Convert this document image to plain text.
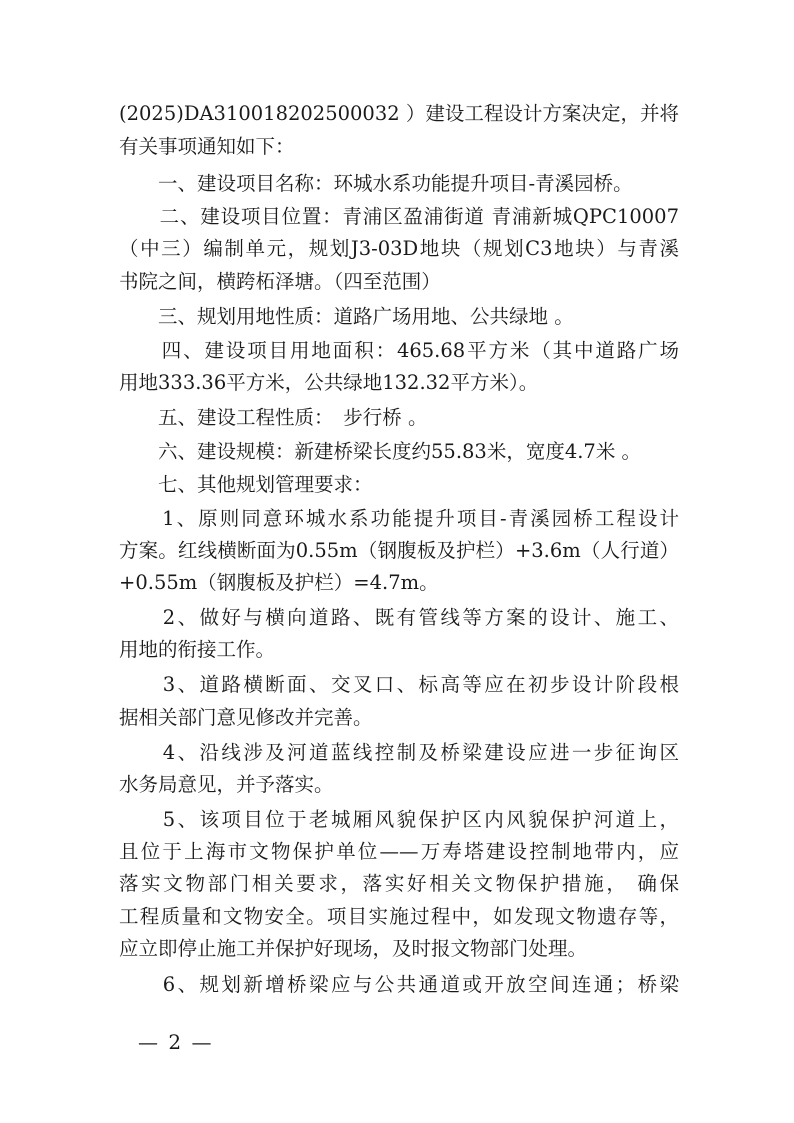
(2025)DA310018202500032 ）建设工程设计方案决定，并将
有关事项通知如下：
　　一、建设项目名称：环城水系功能提升项目-青溪园桥。
　　二、建设项目位置：青浦区盈浦街道 青浦新城QPC10007
（中三）编制单元，规划J3-03D地块（规划C3地块）与青溪
书院之间，横跨柘泽塘。（四至范围）
　　三、规划用地性质：道路广场用地、公共绿地 。
　　四、建设项目用地面积：465.68平方米（其中道路广场
用地333.36平方米，公共绿地132.32平方米）。
　　五、建设工程性质：　步行桥 。
　　六、建设规模：新建桥梁长度约55.83米，宽度4.7米 。
　　七、其他规划管理要求：
　　1、原则同意环城水系功能提升项目-青溪园桥工程设计
方案。红线横断面为0.55m（钢腹板及护栏）+3.6m（人行道）
+0.55m（钢腹板及护栏）=4.7m。
　　2、做好与横向道路、既有管线等方案的设计、施工、
用地的衔接工作。
　　3、道路横断面、交叉口、标高等应在初步设计阶段根
据相关部门意见修改并完善。
　　4、沿线涉及河道蓝线控制及桥梁建设应进一步征询区
水务局意见，并予落实。
　　5、该项目位于老城厢风貌保护区内风貌保护河道上，
且位于上海市文物保护单位——万寿塔建设控制地带内，应
落实文物部门相关要求，落实好相关文物保护措施， 确保
工程质量和文物安全。项目实施过程中，如发现文物遗存等，
应立即停止施工并保护好现场，及时报文物部门处理。
　　6、规划新增桥梁应与公共通道或开放空间连通；桥梁
— 2 —
